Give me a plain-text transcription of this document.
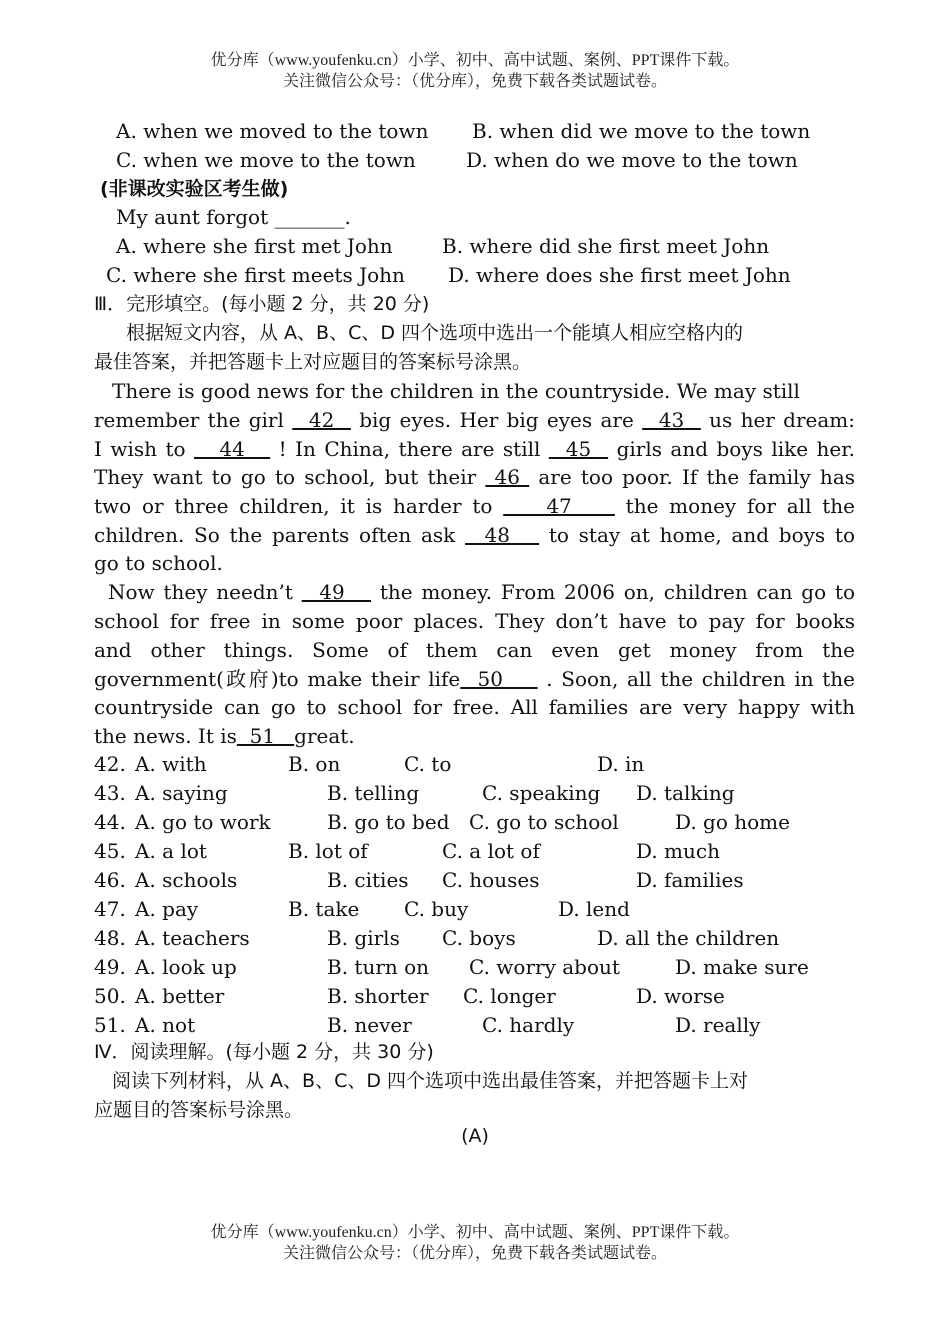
优分库（www.youfenku.cn）小学、初中、高中试题、案例、PPT课件下载。
关注微信公众号：（优分库），免费下载各类试题试卷。
A. when we moved to the town B. when did we move to the town
C. when we move to the town	D. when do we move to the town
(非课改实验区考生做)
My aunt forgot _______.
A. where she first met John B. where did she first meet John
C. where she first meets John D. where does she first meet John
Ⅲ．完形填空。(每小题 2 分，共 20 分)
根据短文内容，从 A、B、C、D 四个选项中选出一个能填人相应空格内的
最佳答案，并把答题卡上对应题目的答案标号涂黑。
There is good news for the children in the countryside. We may still
remember the girl   42   big eyes. Her big eyes are   43   us her dream:
I wish to    44    ! In China, there are still   45   girls and boys like her.
They want to go to school, but their  46  are too poor. If the family has
two or three children, it is harder to     47     the money for all the
children. So the parents often ask   48    to stay at home, and boys to
go to school.
Now they needn’t   49    the money. From 2006 on, children can go to
school for free in some poor places. They don’t have to pay for books
and other things. Some of them can even get money from the
government(政府)to make their life  50     . Soon, all the children in the
countryside can go to school for free. All families are very happy with
the news. It is  51   great.
42. A. with	B. on	C. to	D. in
43. A. saying	B. telling	C. speaking D. talking
44. A. go to work	B. go to bed C. go to school	D. go home
45. A. a lot	B. lot of	C. a lot of	D. much
46. A. schools	B. cities C. houses	D. families
47. A. pay	B. take C. buy	D. lend
48. A. teachers	B. girls C. boys	D. all the children
49. A. look up	B. turn on C. worry about	D. make sure
50. A. better	B. shorter C. longer	D. worse
51. A. not	B. never	C. hardly	D. really
Ⅳ．阅读理解。(每小题 2 分，共 30 分)
阅读下列材料，从 A、B、C、D 四个选项中选出最佳答案，并把答题卡上对
应题目的答案标号涂黑。
(A)
优分库（www.youfenku.cn）小学、初中、高中试题、案例、PPT课件下载。
关注微信公众号：（优分库），免费下载各类试题试卷。
